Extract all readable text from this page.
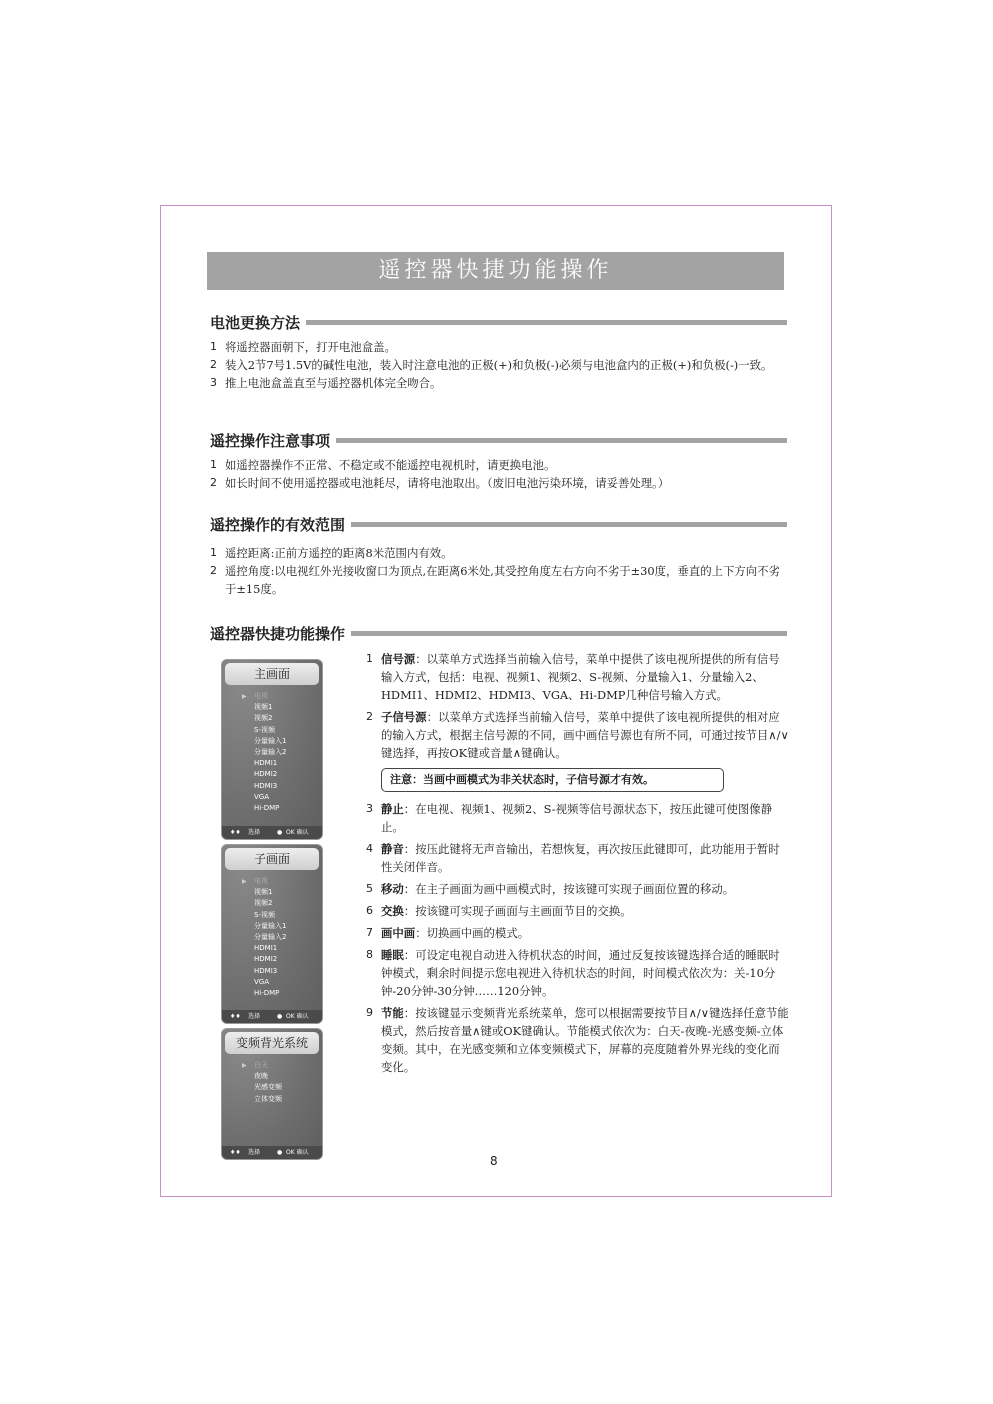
遥控器快捷功能操作
电池更换方法
1 将遥控器面朝下，打开电池盒盖。
2 装入2节7号1.5V的碱性电池，装入时注意电池的正极(+)和负极(-)必须与电池盒内的正极(+)和负极(-)一致。
3 推上电池盒盖直至与遥控器机体完全吻合。
遥控操作注意事项
1 如遥控器操作不正常、不稳定或不能遥控电视机时，请更换电池。
2 如长时间不使用遥控器或电池耗尽，请将电池取出。（废旧电池污染环境，请妥善处理。）
遥控操作的有效范围
1 遥控距离:正前方遥控的距离8米范围内有效。
2 遥控角度:以电视红外光接收窗口为顶点,在距离6米处,其受控角度左右方向不劣于±30度，垂直的上下方向不劣于±15度。
遥控器快捷功能操作
1 信号源：以菜单方式选择当前输入信号，菜单中提供了该电视所提供的所有信号输入方式，包括：电视、视频1、视频2、S-视频、分量输入1、分量输入2、HDMI1、HDMI2、HDMI3、VGA、Hi-DMP几种信号输入方式。
2 子信号源：以菜单方式选择当前输入信号，菜单中提供了该电视所提供的相对应的输入方式，根据主信号源的不同，画中画信号源也有所不同，可通过按节目∧/∨键选择，再按OK键或音量∧键确认。
注意：当画中画模式为非关状态时，子信号源才有效。
3 静止：在电视、视频1、视频2、S-视频等信号源状态下，按压此键可使图像静止。
4 静音：按压此键将无声音输出，若想恢复，再次按压此键即可，此功能用于暂时性关闭伴音。
5 移动：在主子画面为画中画模式时，按该键可实现子画面位置的移动。
6 交换：按该键可实现子画面与主画面节目的交换。
7 画中画：切换画中画的模式。
8 睡眠：可设定电视自动进入待机状态的时间，通过反复按该键选择合适的睡眠时钟模式，剩余时间提示您电视进入待机状态的时间，时间模式依次为：关-10分钟-20分钟-30分钟……120分钟。
9 节能：按该键显示变频背光系统菜单，您可以根据需要按节目∧/∨键选择任意节能模式，然后按音量∧键或OK键确认。节能模式依次为：白天-夜晚-光感变频-立体变频。其中，在光感变频和立体变频模式下，屏幕的亮度随着外界光线的变化而变化。
主画面
▶ 电视
视频1
视频2
S-视频
分量输入1
分量输入2
HDMI1
HDMI2
HDMI3
VGA
Hi-DMP
♦♦ 选择	● OK 确认
子画面
▶ 电视
视频1
视频2
S-视频
分量输入1
分量输入2
HDMI1
HDMI2
HDMI3
VGA
Hi-DMP
♦♦ 选择	● OK 确认
变频背光系统
▶ 白天
夜晚
光感变频
立体变频
♦♦ 选择	● OK 确认
8
